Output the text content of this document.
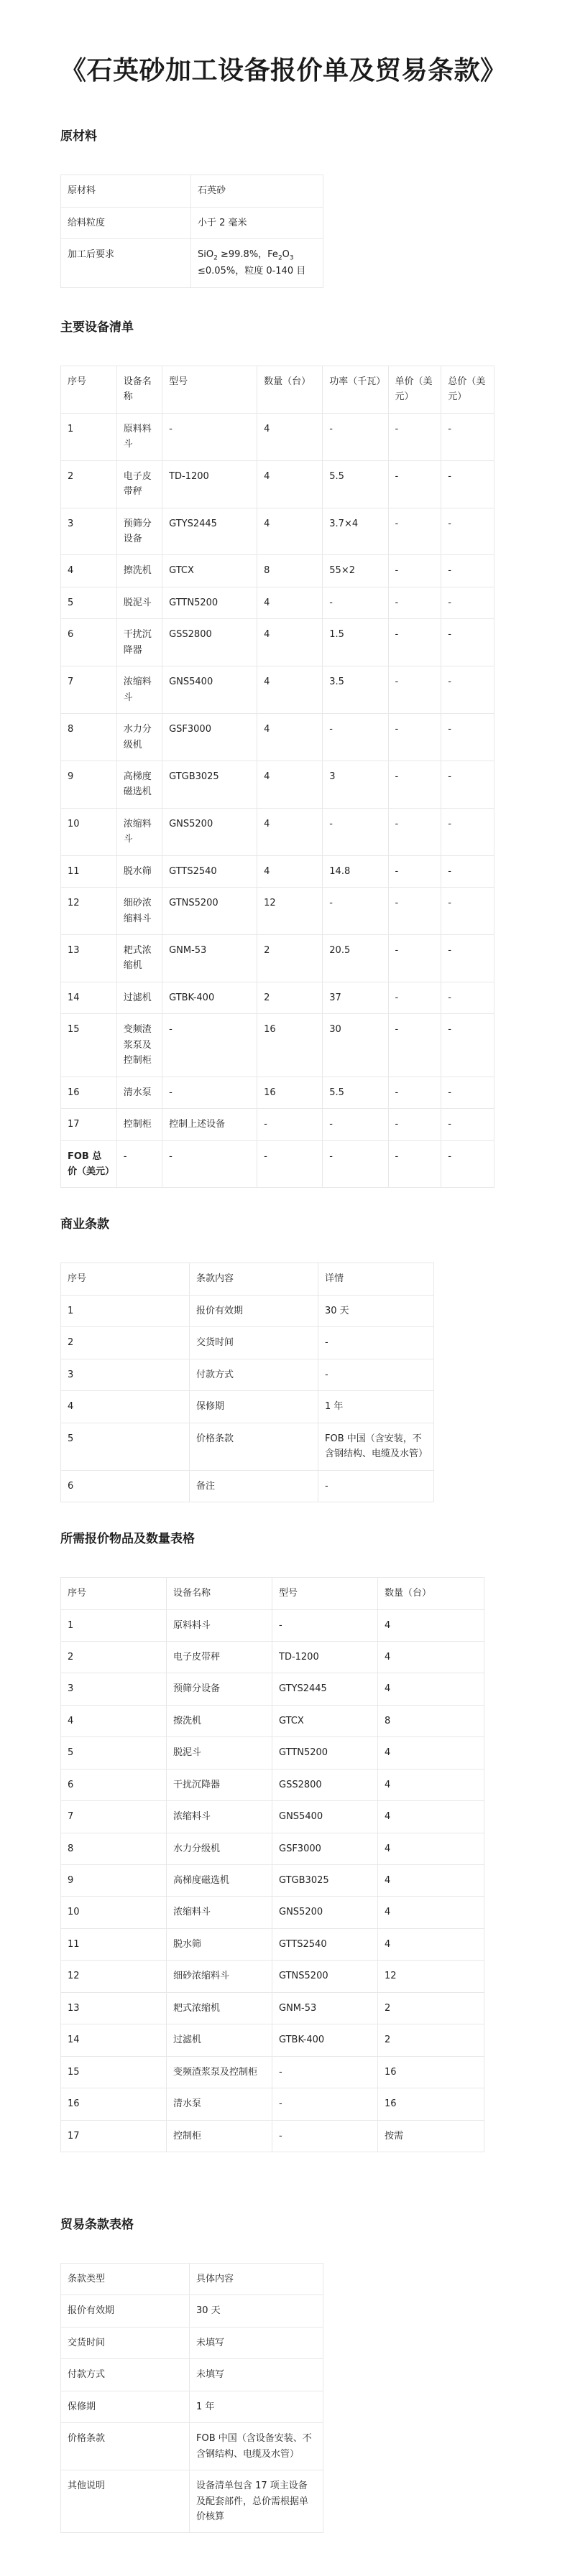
《石英砂加工设备报价单及贸易条款》
原材料
原材料	石英砂
给料粒度	小于 2 毫米
加工后要求	SiO$_2$ ≥99.8%，$Fe_2O_3 \le 0.05\%$，粒度 0-140 目
主要设备清单
序号	设备名称	型号	数量（台）	功率（千瓦）	单价（美元）	总价（美元）
1	原料料斗	-	4	-	-	-
2	电子皮带秤	TD-1200	4	5.5	-	-
3	预筛分设备	GTYS2445	4	3.7×4	-	-
4	擦洗机	GTCX	8	55×2	-	-
5	脱泥斗	GTTN5200	4	-	-	-
6	干扰沉降器	GSS2800	4	1.5	-	-
7	浓缩料斗	GNS5400	4	3.5	-	-
8	水力分级机	GSF3000	4	-	-	-
9	高梯度磁选机	GTGB3025	4	3	-	-
10	浓缩料斗	GNS5200	4	-	-	-
11	脱水筛	GTTS2540	4	14.8	-	-
12	细砂浓缩料斗	GTNS5200	12	-	-	-
13	耙式浓缩机	GNM-53	2	20.5	-	-
14	过滤机	GTBK-400	2	37	-	-
15	变频渣浆泵及控制柜	-	16	30	-	-
16	清水泵	-	16	5.5	-	-
17	控制柜	控制上述设备	-	-	-	-
FOB 总价（美元）	-	-	-	-	-	-
商业条款
序号	条款内容	详情
1	报价有效期	30 天
2	交货时间	-
3	付款方式	-
4	保修期	1 年
5	价格条款	FOB 中国（含安装，不含钢结构、电缆及水管）
6	备注	-
所需报价物品及数量表格
序号	设备名称	型号	数量（台）
1	原料料斗	-	4
2	电子皮带秤	TD-1200	4
3	预筛分设备	GTYS2445	4
4	擦洗机	GTCX	8
5	脱泥斗	GTTN5200	4
6	干扰沉降器	GSS2800	4
7	浓缩料斗	GNS5400	4
8	水力分级机	GSF3000	4
9	高梯度磁选机	GTGB3025	4
10	浓缩料斗	GNS5200	4
11	脱水筛	GTTS2540	4
12	细砂浓缩料斗	GTNS5200	12
13	耙式浓缩机	GNM-53	2
14	过滤机	GTBK-400	2
15	变频渣浆泵及控制柜	-	16
16	清水泵	-	16
17	控制柜	-	按需
贸易条款表格
条款类型	具体内容
报价有效期	30 天
交货时间	未填写
付款方式	未填写
保修期	1 年
价格条款	FOB 中国（含设备安装、不含钢结构、电缆及水管）
其他说明	设备清单包含 17 项主设备及配套部件，总价需根据单价核算
